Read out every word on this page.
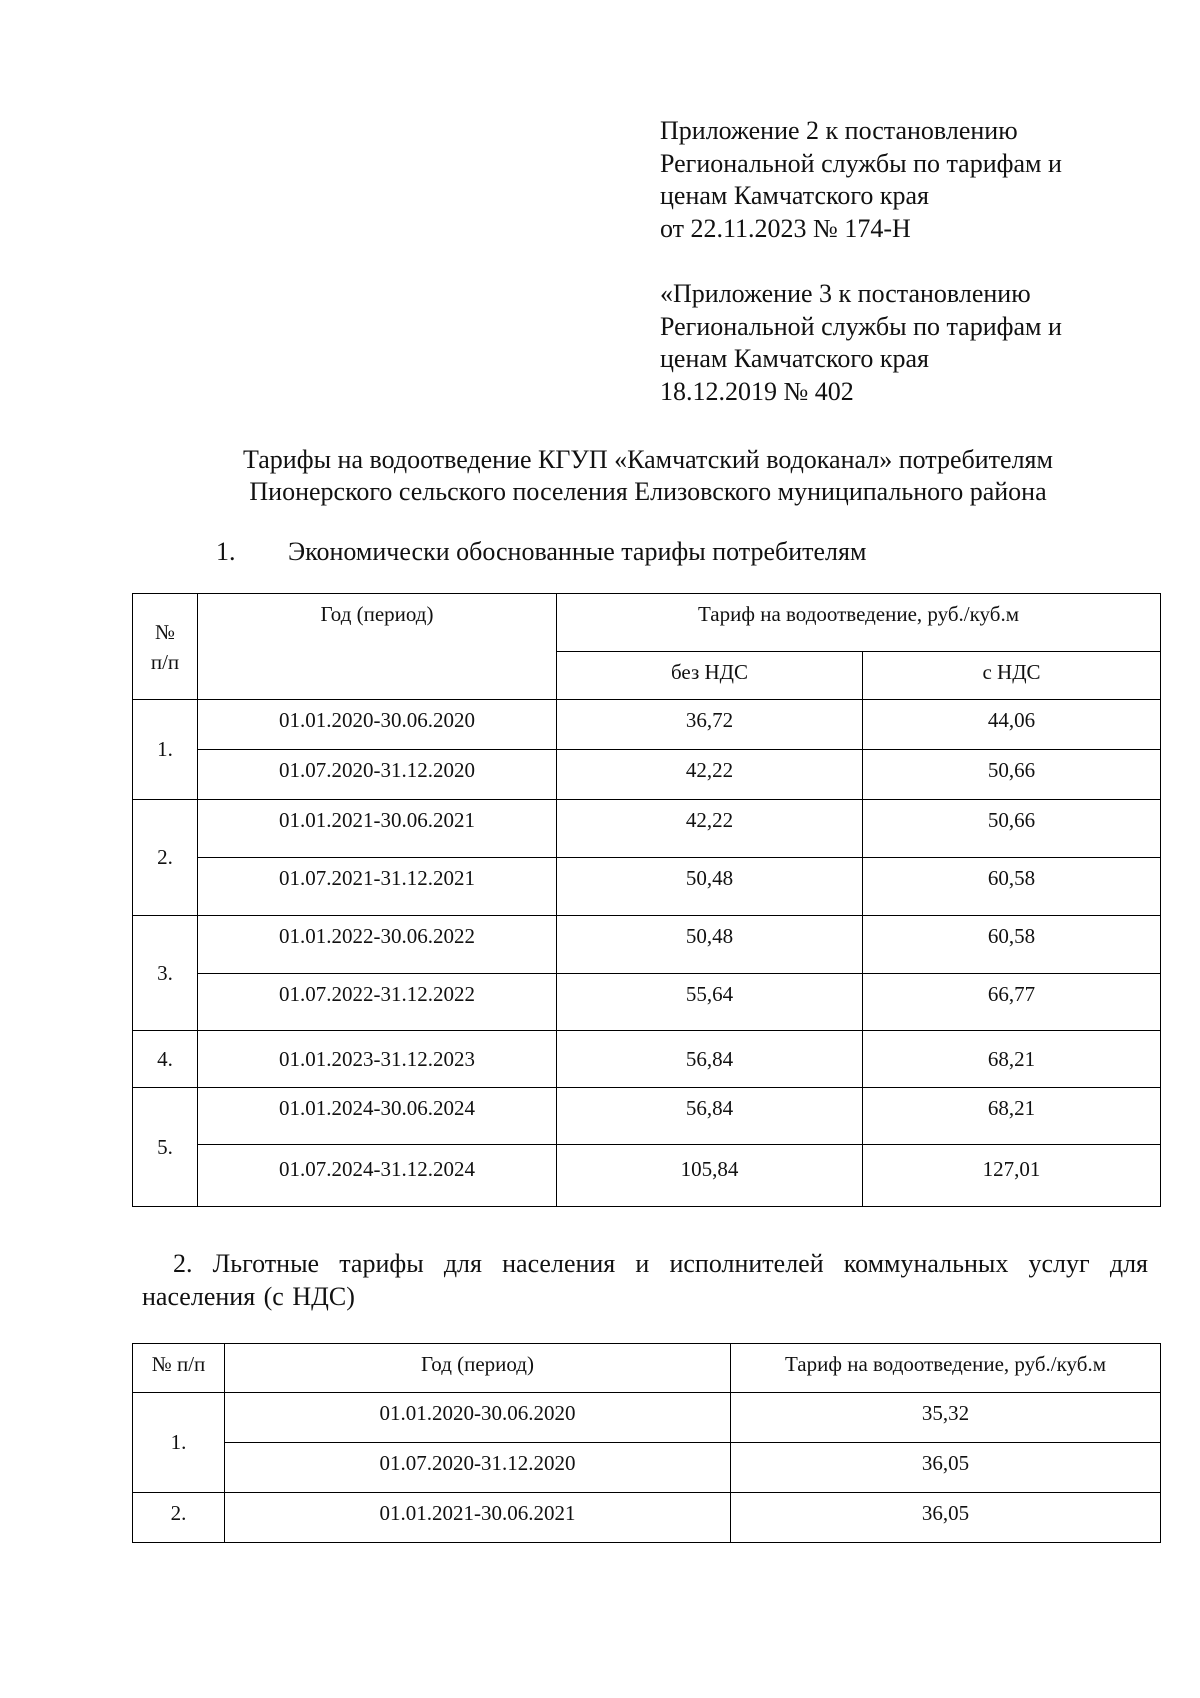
Приложение 2 к постановлению
Региональной службы по тарифам и
ценам Камчатского края
от 22.11.2023 № 174-Н
«Приложение 3 к постановлению
Региональной службы по тарифам и
ценам Камчатского края
18.12.2019 № 402
Тарифы на водоотведение КГУП «Камчатский водоканал» потребителям
Пионерского сельского поселения Елизовского муниципального района
1. Экономически обоснованные тарифы потребителям
№ п/п	Год (период)	Тариф на водоотведение, руб./куб.м	
		без НДС	с НДС
1.	01.01.2020-30.06.2020	36,72	44,06
	01.07.2020-31.12.2020	42,22	50,66
2.	01.01.2021-30.06.2021	42,22	50,66
	01.07.2021-31.12.2021	50,48	60,58
3.	01.01.2022-30.06.2022	50,48	60,58
	01.07.2022-31.12.2022	55,64	66,77
4.	01.01.2023-31.12.2023	56,84	68,21
5.	01.01.2024-30.06.2024	56,84	68,21
	01.07.2024-31.12.2024	105,84	127,01
2. Льготные тарифы для населения и исполнителей коммунальных услуг для населения (с НДС)
№ п/п	Год (период)	Тариф на водоотведение, руб./куб.м
1.	01.01.2020-30.06.2020	35,32
	01.07.2020-31.12.2020	36,05
2.	01.01.2021-30.06.2021	36,05
